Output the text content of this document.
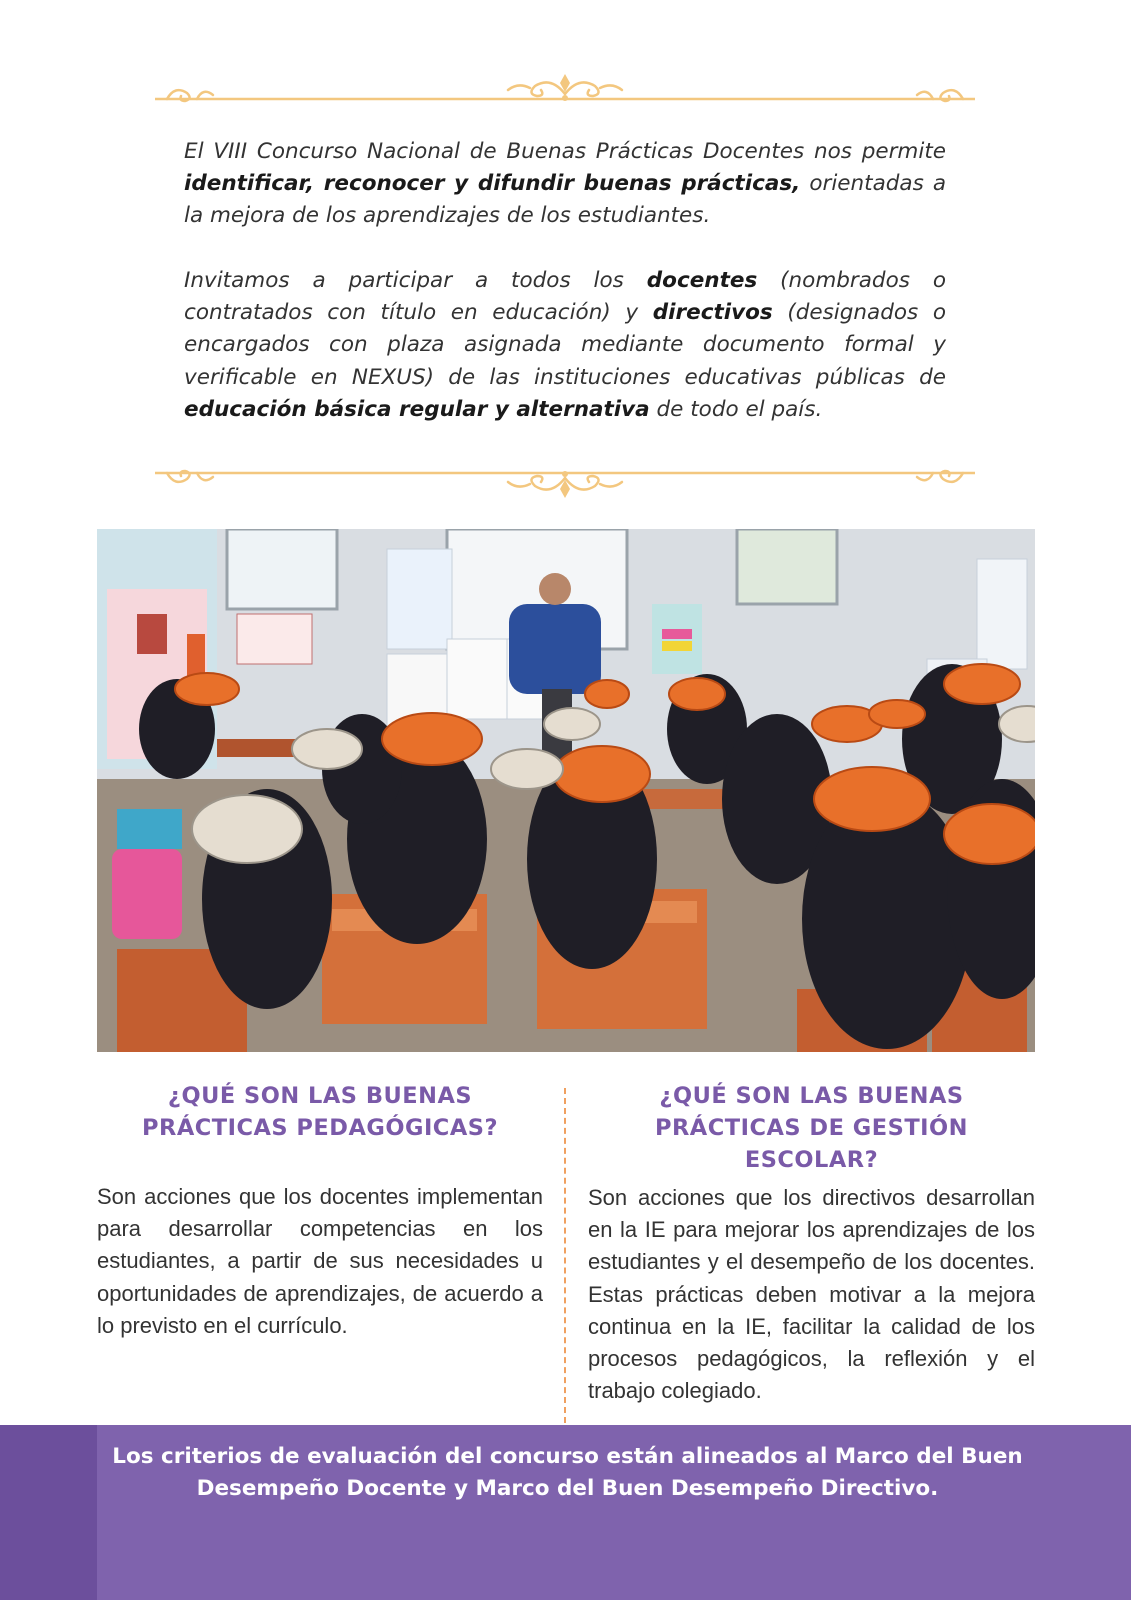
El VIII Concurso Nacional de Buenas Prácticas Docentes nos permite identificar, reconocer y difundir buenas prácticas, orientadas a la mejora de los aprendizajes de los estudiantes.

Invitamos a participar a todos los docentes (nombrados o contratados con título en educación) y directivos (designados o encargados con plaza asignada mediante documento formal y verificable en NEXUS) de las instituciones educativas públicas de educación básica regular y alternativa de todo el país.

¿QUÉ SON LAS BUENAS PRÁCTICAS PEDAGÓGICAS?

Son acciones que los docentes implementan para desarrollar competencias en los estudiantes, a partir de sus necesidades u oportunidades de aprendizajes, de acuerdo a lo previsto en el currículo.

¿QUÉ SON LAS BUENAS PRÁCTICAS DE GESTIÓN ESCOLAR?

Son acciones que los directivos desarrollan en la IE para mejorar los aprendizajes de los estudiantes y el desempeño de los docentes. Estas prácticas deben motivar a la mejora continua en la IE, facilitar la calidad de los procesos pedagógicos, la reflexión y el trabajo colegiado.

Los criterios de evaluación del concurso están alineados al Marco del Buen Desempeño Docente y Marco del Buen Desempeño Directivo.
